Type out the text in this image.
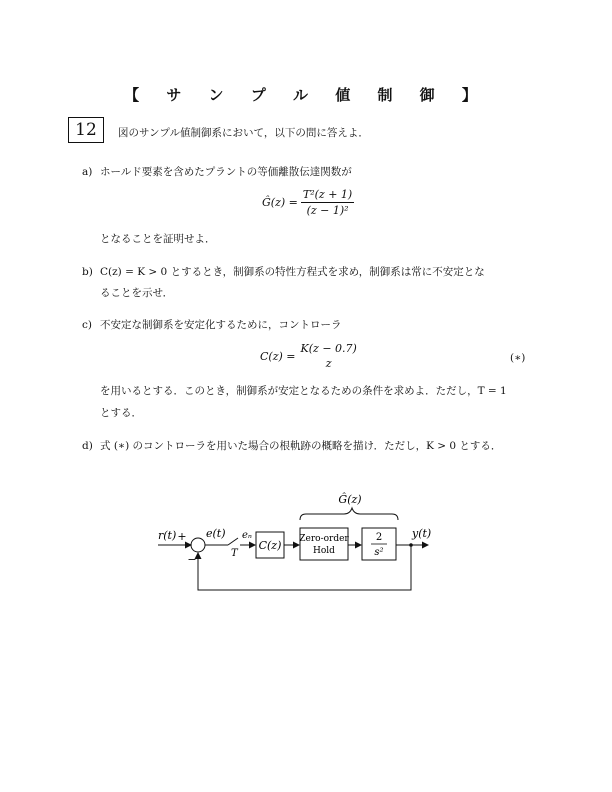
【 サ ン プ ル 値 制 御 】
12	図のサンプル値制御系において，以下の問に答えよ．
a) ホールド要素を含めたプラントの等価離散伝達関数が
Ĝ(z) = $\frac{\text{T²(z + 1)}}{\text{(z − 1)²}}$
となることを証明せよ．
b) C(z) = K > 0 とするとき，制御系の特性方程式を求め，制御系は常に不安定とな
ることを示せ．
c) 不安定な制御系を安定化するために，コントローラ
C(z) =
K(z − 0.7)
z	(∗)
を用いるとする．このとき，制御系が安定となるための条件を求めよ．ただし，T = 1
とする．
d) 式 (∗) のコントローラを用いた場合の根軌跡の概略を描け．ただし，K > 0 とする．
Ĝ(z)
r(t) +
−
e(t)
T
eₙ
C(z) Zero-order
Hold
2
s²
y(t)
